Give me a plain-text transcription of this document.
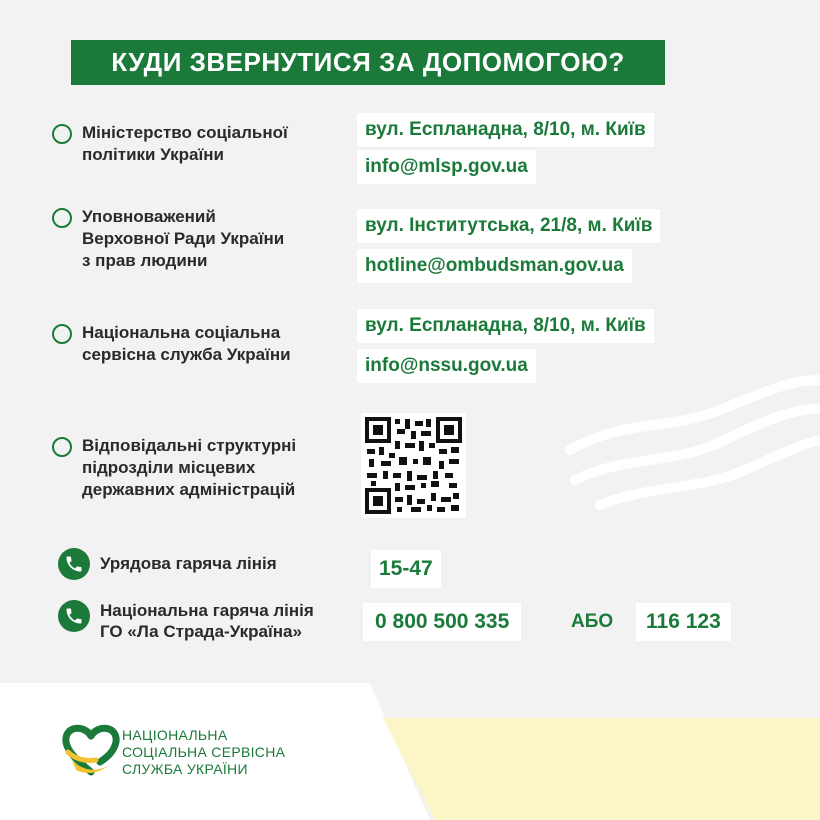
КУДИ ЗВЕРНУТИСЯ ЗА ДОПОМОГОЮ?
Міністерство соціальної
політики України
вул. Еспланадна, 8/10, м. Київ
info@mlsp.gov.ua
Уповноважений
Верховної Ради України
з прав людини
вул. Інститутська, 21/8, м. Київ
hotline@ombudsman.gov.ua
Національна соціальна
сервісна служба України
вул. Еспланадна, 8/10, м. Київ
info@nssu.gov.ua
Відповідальні структурні
підрозділи місцевих
державних адміністрацій
Урядова гаряча лінія	15-47
Національна гаряча лінія
ГО «Ла Страда-Україна»	0 800 500 335	АБО	116 123
НАЦІОНАЛЬНА
СОЦІАЛЬНА СЕРВІСНА
СЛУЖБА УКРАЇНИ
